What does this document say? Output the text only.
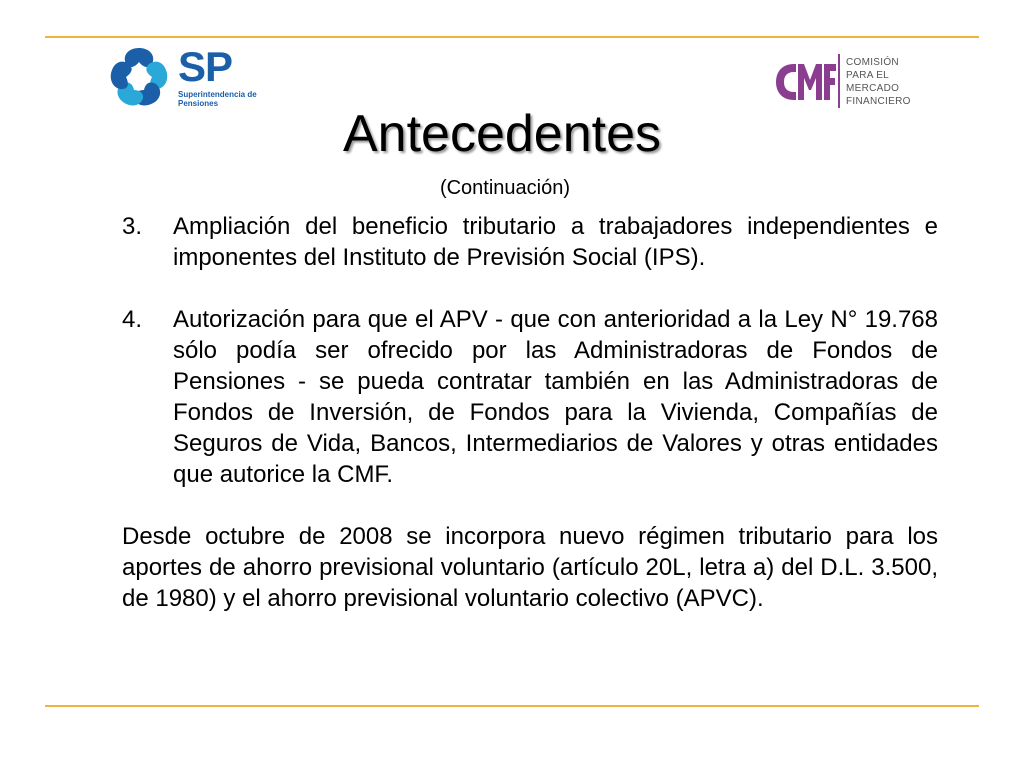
SP
Superintendencia de
Pensiones
COMISIÓN
PARA EL MERCADO
FINANCIERO
Antecedentes
(Continuación)
3. Ampliación del beneficio tributario a trabajadores independientes e imponentes del Instituto de Previsión Social (IPS).
4. Autorización para que el APV - que con anterioridad a la Ley N° 19.768 sólo podía ser ofrecido por las Administradoras de Fondos de Pensiones - se pueda contratar también en las Administradoras de Fondos de Inversión, de Fondos para la Vivienda, Compañías de Seguros de Vida, Bancos, Intermediarios de Valores y otras entidades que autorice la CMF.
Desde octubre de 2008 se incorpora nuevo régimen tributario para los aportes de ahorro previsional voluntario (artículo 20L, letra a) del D.L. 3.500, de 1980) y el ahorro previsional voluntario colectivo (APVC).
